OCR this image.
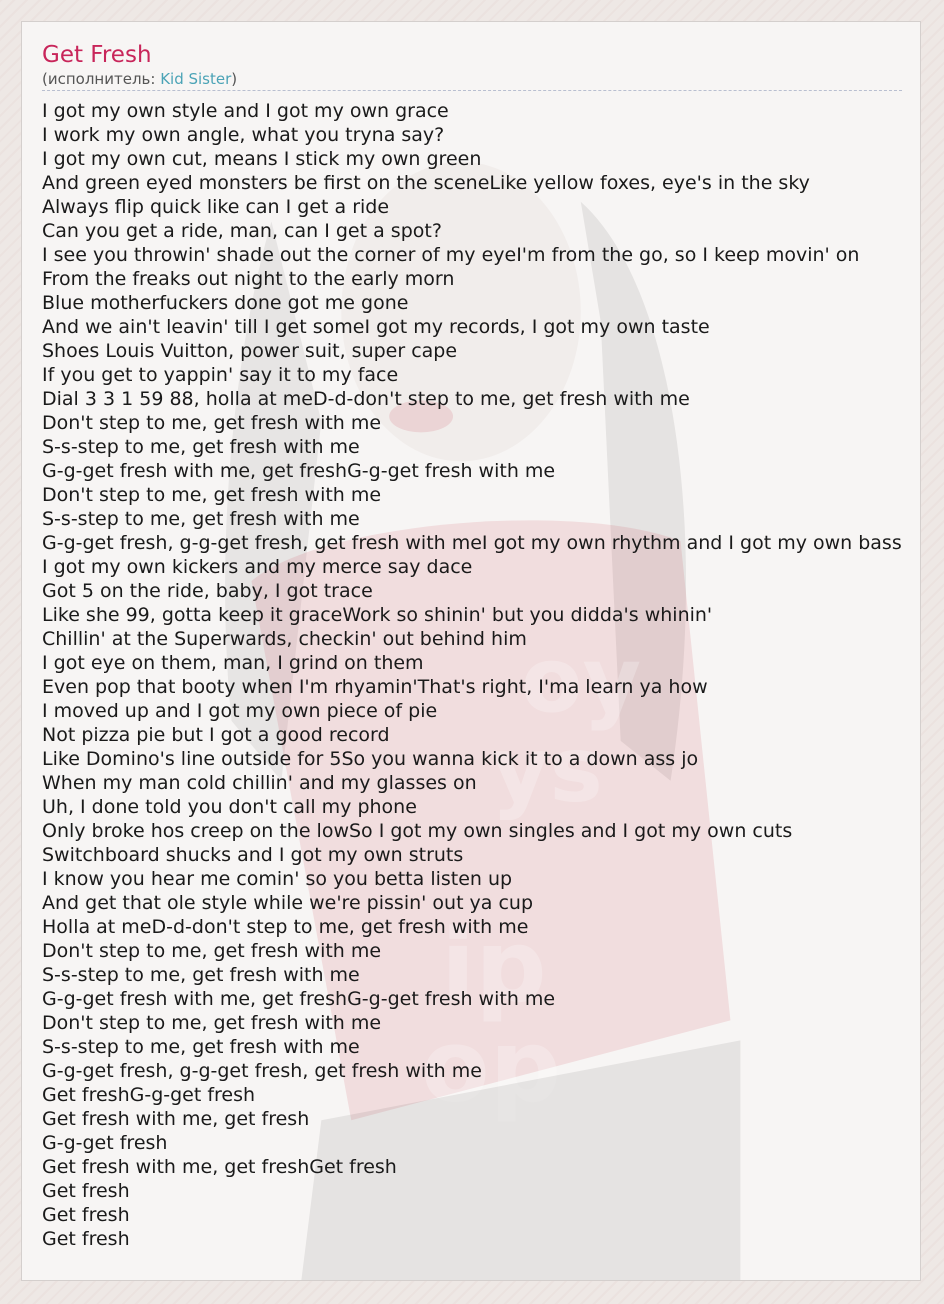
oy
ys
ip
op
Get Fresh
(исполнитель: Kid Sister)
I got my own style and I got my own grace
I work my own angle, what you tryna say?
I got my own cut, means I stick my own green
And green eyed monsters be first on the sceneLike yellow foxes, eye's in the sky
Always flip quick like can I get a ride
Can you get a ride, man, can I get a spot?
I see you throwin' shade out the corner of my eyeI'm from the go, so I keep movin' on
From the freaks out night to the early morn
Blue motherfuckers done got me gone
And we ain't leavin' till I get someI got my records, I got my own taste
Shoes Louis Vuitton, power suit, super cape
If you get to yappin' say it to my face
Dial 3 3 1 59 88, holla at meD-d-don't step to me, get fresh with me
Don't step to me, get fresh with me
S-s-step to me, get fresh with me
G-g-get fresh with me, get freshG-g-get fresh with me
Don't step to me, get fresh with me
S-s-step to me, get fresh with me
G-g-get fresh, g-g-get fresh, get fresh with meI got my own rhythm and I got my own bass
I got my own kickers and my merce say dace
Got 5 on the ride, baby, I got trace
Like she 99, gotta keep it graceWork so shinin' but you didda's whinin'
Chillin' at the Superwards, checkin' out behind him
I got eye on them, man, I grind on them
Even pop that booty when I'm rhyamin'That's right, I'ma learn ya how
I moved up and I got my own piece of pie
Not pizza pie but I got a good record
Like Domino's line outside for 5So you wanna kick it to a down ass jo
When my man cold chillin' and my glasses on
Uh, I done told you don't call my phone
Only broke hos creep on the lowSo I got my own singles and I got my own cuts
Switchboard shucks and I got my own struts
I know you hear me comin' so you betta listen up
And get that ole style while we're pissin' out ya cup
Holla at meD-d-don't step to me, get fresh with me
Don't step to me, get fresh with me
S-s-step to me, get fresh with me
G-g-get fresh with me, get freshG-g-get fresh with me
Don't step to me, get fresh with me
S-s-step to me, get fresh with me
G-g-get fresh, g-g-get fresh, get fresh with me
Get freshG-g-get fresh
Get fresh with me, get fresh
G-g-get fresh
Get fresh with me, get freshGet fresh
Get fresh
Get fresh
Get fresh
